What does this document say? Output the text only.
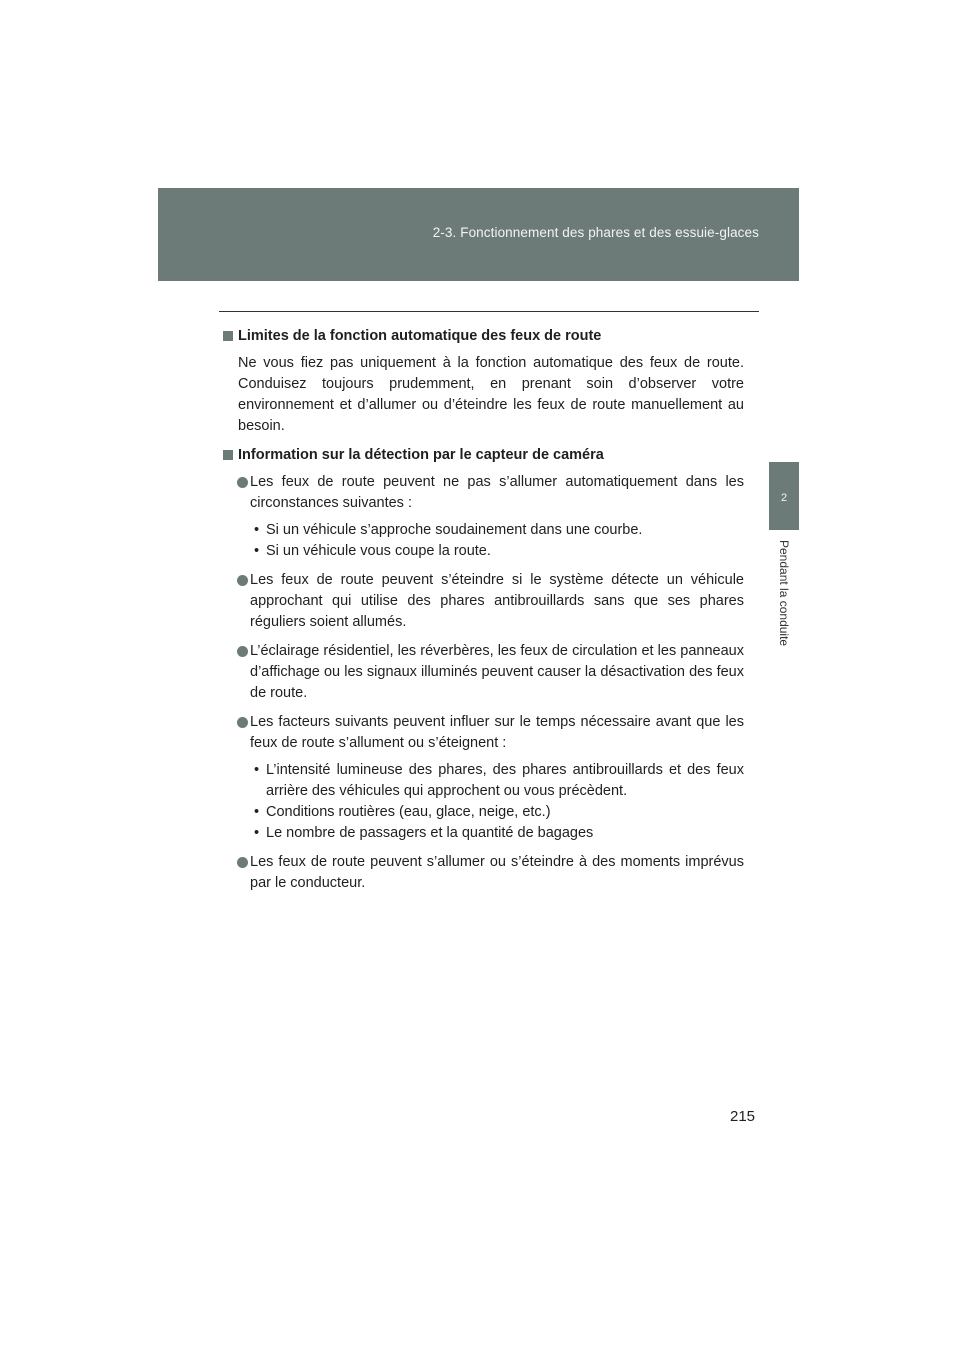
2-3. Fonctionnement des phares et des essuie-glaces
2
Pendant la conduite
Limites de la fonction automatique des feux de route

Ne vous fiez pas uniquement à la fonction automatique des feux de route. Conduisez toujours prudemment, en prenant soin d’observer votre environnement et d’allumer ou d’éteindre les feux de route manuellement au besoin.

Information sur la détection par le capteur de caméra
Les feux de route peuvent ne pas s’allumer automatiquement dans les circonstances suivantes :
• Si un véhicule s’approche soudainement dans une courbe.
• Si un véhicule vous coupe la route.
Les feux de route peuvent s’éteindre si le système détecte un véhicule approchant qui utilise des phares antibrouillards sans que ses phares réguliers soient allumés.
L’éclairage résidentiel, les réverbères, les feux de circulation et les panneaux d’affichage ou les signaux illuminés peuvent causer la désactivation des feux de route.
Les facteurs suivants peuvent influer sur le temps nécessaire avant que les feux de route s’allument ou s’éteignent :
• L’intensité lumineuse des phares, des phares antibrouillards et des feux arrière des véhicules qui approchent ou vous précèdent.
• Conditions routières (eau, glace, neige, etc.)
• Le nombre de passagers et la quantité de bagages
Les feux de route peuvent s’allumer ou s’éteindre à des moments imprévus par le conducteur.
215
